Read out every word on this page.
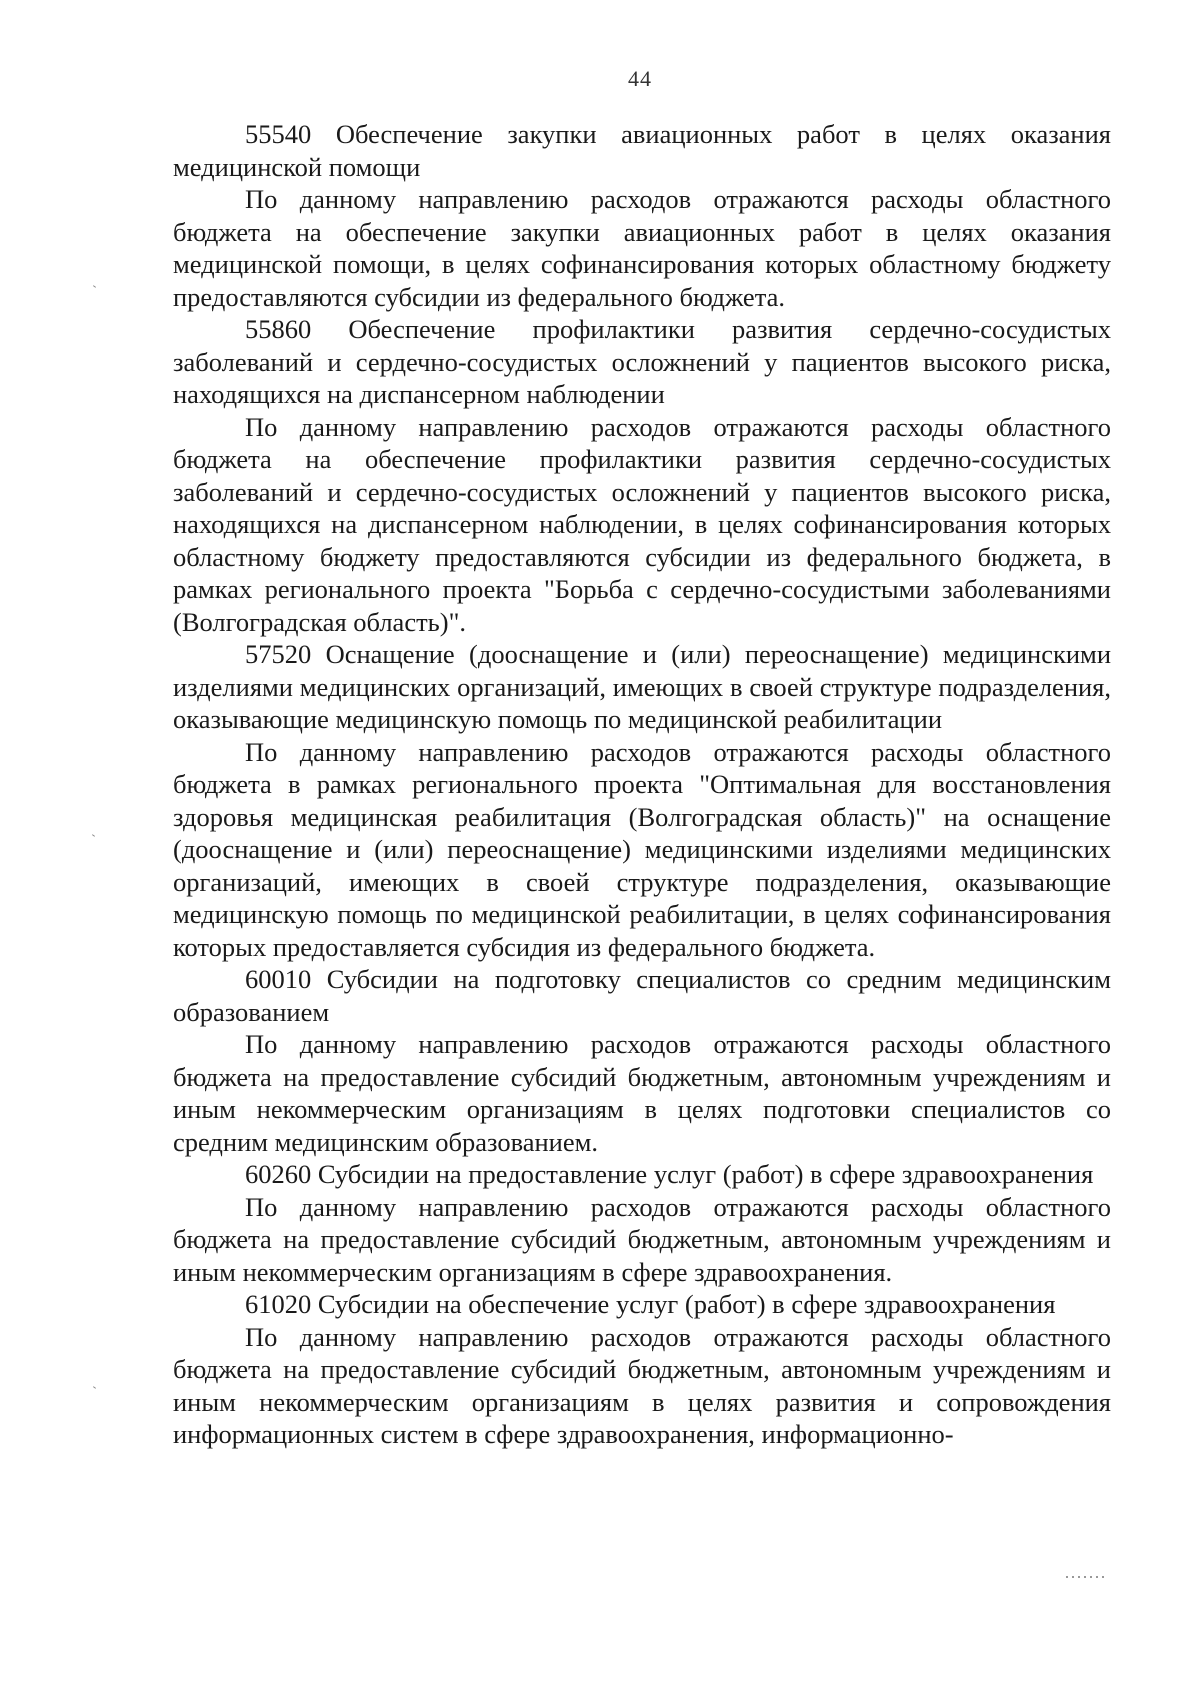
44

55540 Обеспечение закупки авиационных работ в целях оказания медицинской помощи

По данному направлению расходов отражаются расходы областного бюджета на обеспечение закупки авиационных работ в целях оказания медицинской помощи, в целях софинансирования которых областному бюджету предоставляются субсидии из федерального бюджета.

55860 Обеспечение профилактики развития сердечно-сосудистых заболеваний и сердечно-сосудистых осложнений у пациентов высокого риска, находящихся на диспансерном наблюдении

По данному направлению расходов отражаются расходы областного бюджета на обеспечение профилактики развития сердечно-сосудистых заболеваний и сердечно-сосудистых осложнений у пациентов высокого риска, находящихся на диспансерном наблюдении, в целях софинансирования которых областному бюджету предоставляются субсидии из федерального бюджета, в рамках регионального проекта "Борьба с сердечно-сосудистыми заболеваниями (Волгоградская область)".

57520 Оснащение (дооснащение и (или) переоснащение) медицинскими изделиями медицинских организаций, имеющих в своей структуре подразделения, оказывающие медицинскую помощь по медицинской реабилитации

По данному направлению расходов отражаются расходы областного бюджета в рамках регионального проекта "Оптимальная для восстановления здоровья медицинская реабилитация (Волгоградская область)" на оснащение (дооснащение и (или) переоснащение) медицинскими изделиями медицинских организаций, имеющих в своей структуре подразделения, оказывающие медицинскую помощь по медицинской реабилитации, в целях софинансирования которых предоставляется субсидия из федерального бюджета.

60010 Субсидии на подготовку специалистов со средним медицинским образованием

По данному направлению расходов отражаются расходы областного бюджета на предоставление субсидий бюджетным, автономным учреждениям и иным некоммерческим организациям в целях подготовки специалистов со средним медицинским образованием.

60260 Субсидии на предоставление услуг (работ) в сфере здравоохранения

По данному направлению расходов отражаются расходы областного бюджета на предоставление субсидий бюджетным, автономным учреждениям и иным некоммерческим организациям в сфере здравоохранения.

61020 Субсидии на обеспечение услуг (работ) в сфере здравоохранения

По данному направлению расходов отражаются расходы областного бюджета на предоставление субсидий бюджетным, автономным учреждениям и иным некоммерческим организациям в целях развития и сопровождения информационных систем в сфере здравоохранения, информационно-
